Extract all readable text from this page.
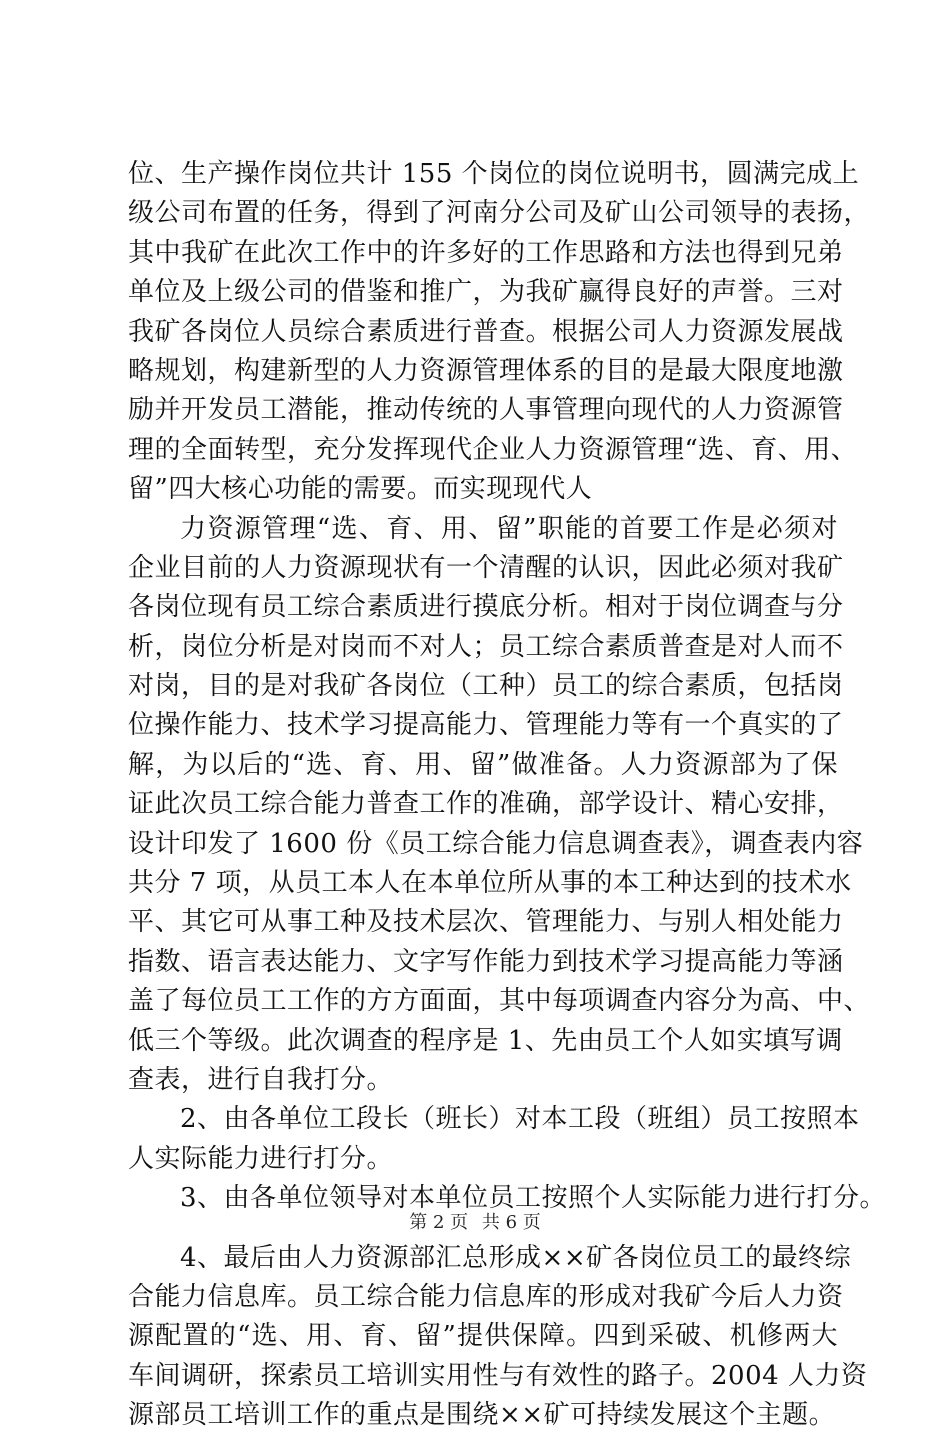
位、生产操作岗位共计 155 个岗位的岗位说明书，圆满完成上
级公司布置的任务，得到了河南分公司及矿山公司领导的表扬，
其中我矿在此次工作中的许多好的工作思路和方法也得到兄弟
单位及上级公司的借鉴和推广，为我矿赢得良好的声誉。三对
我矿各岗位人员综合素质进行普查。根据公司人力资源发展战
略规划，构建新型的人力资源管理体系的目的是最大限度地激
励并开发员工潜能，推动传统的人事管理向现代的人力资源管
理的全面转型，充分发挥现代企业人力资源管理“选、育、用、
留”四大核心功能的需要。而实现现代人
力资源管理“选、育、用、留”职能的首要工作是必须对
企业目前的人力资源现状有一个清醒的认识，因此必须对我矿
各岗位现有员工综合素质进行摸底分析。相对于岗位调查与分
析，岗位分析是对岗而不对人；员工综合素质普查是对人而不
对岗，目的是对我矿各岗位（工种）员工的综合素质，包括岗
位操作能力、技术学习提高能力、管理能力等有一个真实的了
解，为以后的“选、育、用、留”做准备。人力资源部为了保
证此次员工综合能力普查工作的准确，部学设计、精心安排，
设计印发了 1600 份《员工综合能力信息调查表》，调查表内容
共分 7 项，从员工本人在本单位所从事的本工种达到的技术水
平、其它可从事工种及技术层次、管理能力、与别人相处能力
指数、语言表达能力、文字写作能力到技术学习提高能力等涵
盖了每位员工工作的方方面面，其中每项调查内容分为高、中、
低三个等级。此次调查的程序是 1、先由员工个人如实填写调
查表，进行自我打分。
2、由各单位工段长（班长）对本工段（班组）员工按照本
人实际能力进行打分。
3、由各单位领导对本单位员工按照个人实际能力进行打分。
4、最后由人力资源部汇总形成××矿各岗位员工的最终综
合能力信息库。员工综合能力信息库的形成对我矿今后人力资
源配置的“选、用、育、留”提供保障。四到采破、机修两大
车间调研，探索员工培训实用性与有效性的路子。2004 人力资
源部员工培训工作的重点是围绕××矿可持续发展这个主题。
第 2 页 共 6 页
